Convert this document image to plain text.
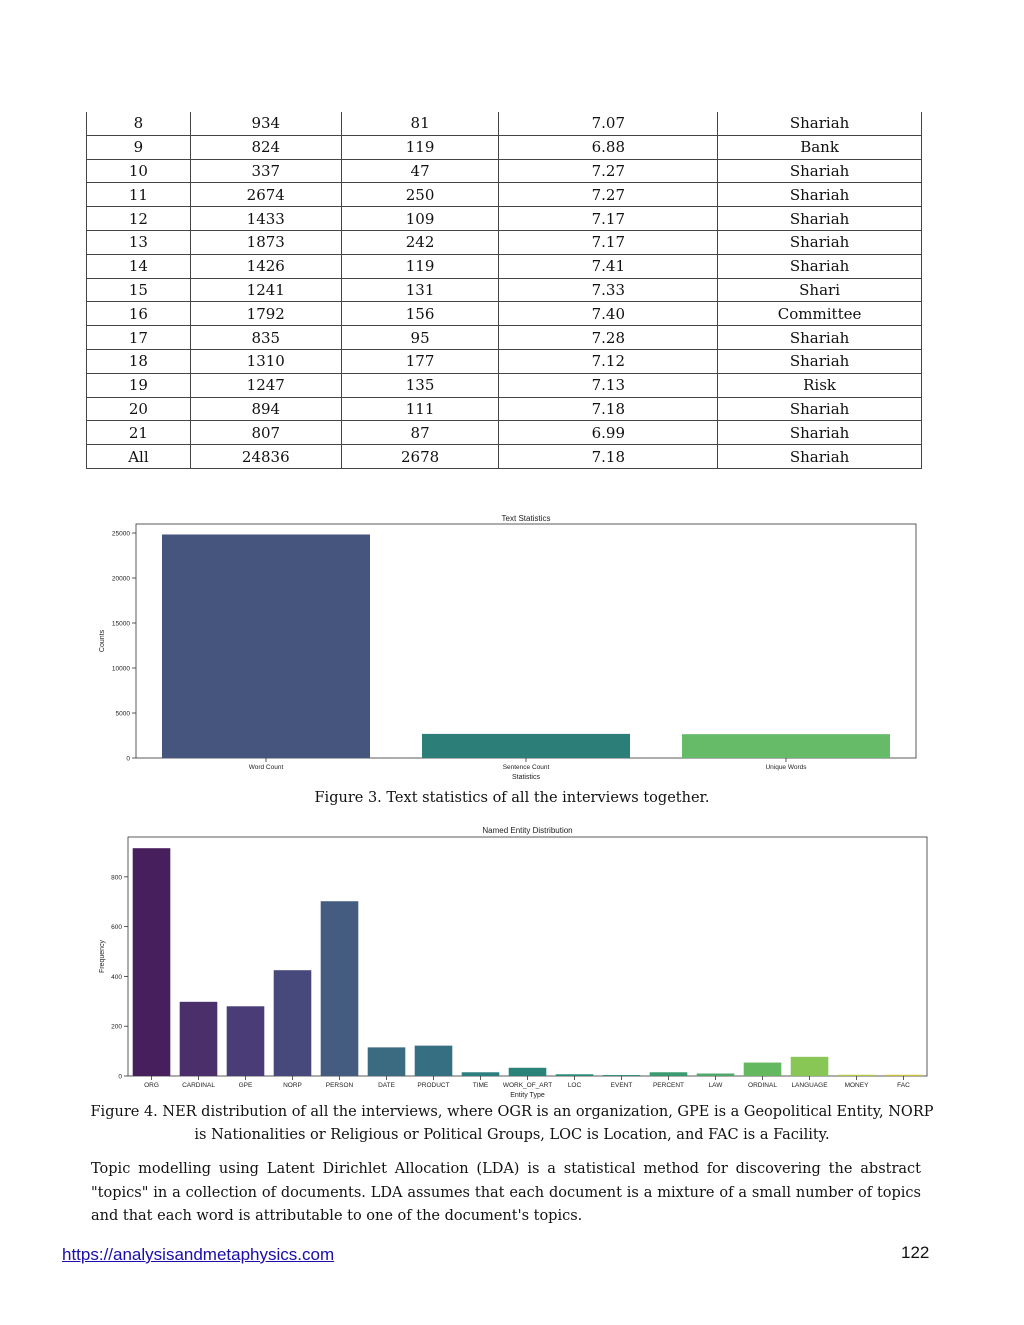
8	934	81	7.07	Shariah
9	824	119	6.88	Bank
10	337	47	7.27	Shariah
11	2674	250	7.27	Shariah
12	1433	109	7.17	Shariah
13	1873	242	7.17	Shariah
14	1426	119	7.41	Shariah
15	1241	131	7.33	Shari
16	1792	156	7.40	Committee
17	835	95	7.28	Shariah
18	1310	177	7.12	Shariah
19	1247	135	7.13	Risk
20	894	111	7.18	Shariah
21	807	87	6.99	Shariah
All	24836	2678	7.18	Shariah
Text Statistics
0
5000
10000
15000
20000
25000
Word Count	Sentence Count	Unique Words
Statistics
Counts
Figure 3. Text statistics of all the interviews together.
Named Entity Distribution
0
200
400
600
800
ORG	CARDINAL	GPE	NORP	PERSON	DATE	PRODUCT	TIME WORK_OF_ART LOC	EVENT	PERCENT	LAW	ORDINAL LANGUAGE	MONEY	FAC
Entity Type
Frequency
Figure 4. NER distribution of all the interviews, where OGR is an organization, GPE is a Geopolitical Entity, NORP
is Nationalities or Religious or Political Groups, LOC is Location, and FAC is a Facility.
Topic modelling using Latent Dirichlet Allocation (LDA) is a statistical method for discovering the abstract "topics" in a collection of documents. LDA assumes that each document is a mixture of a small number of topics and that each word is attributable to one of the document's topics.
https://analysisandmetaphysics.com	122
